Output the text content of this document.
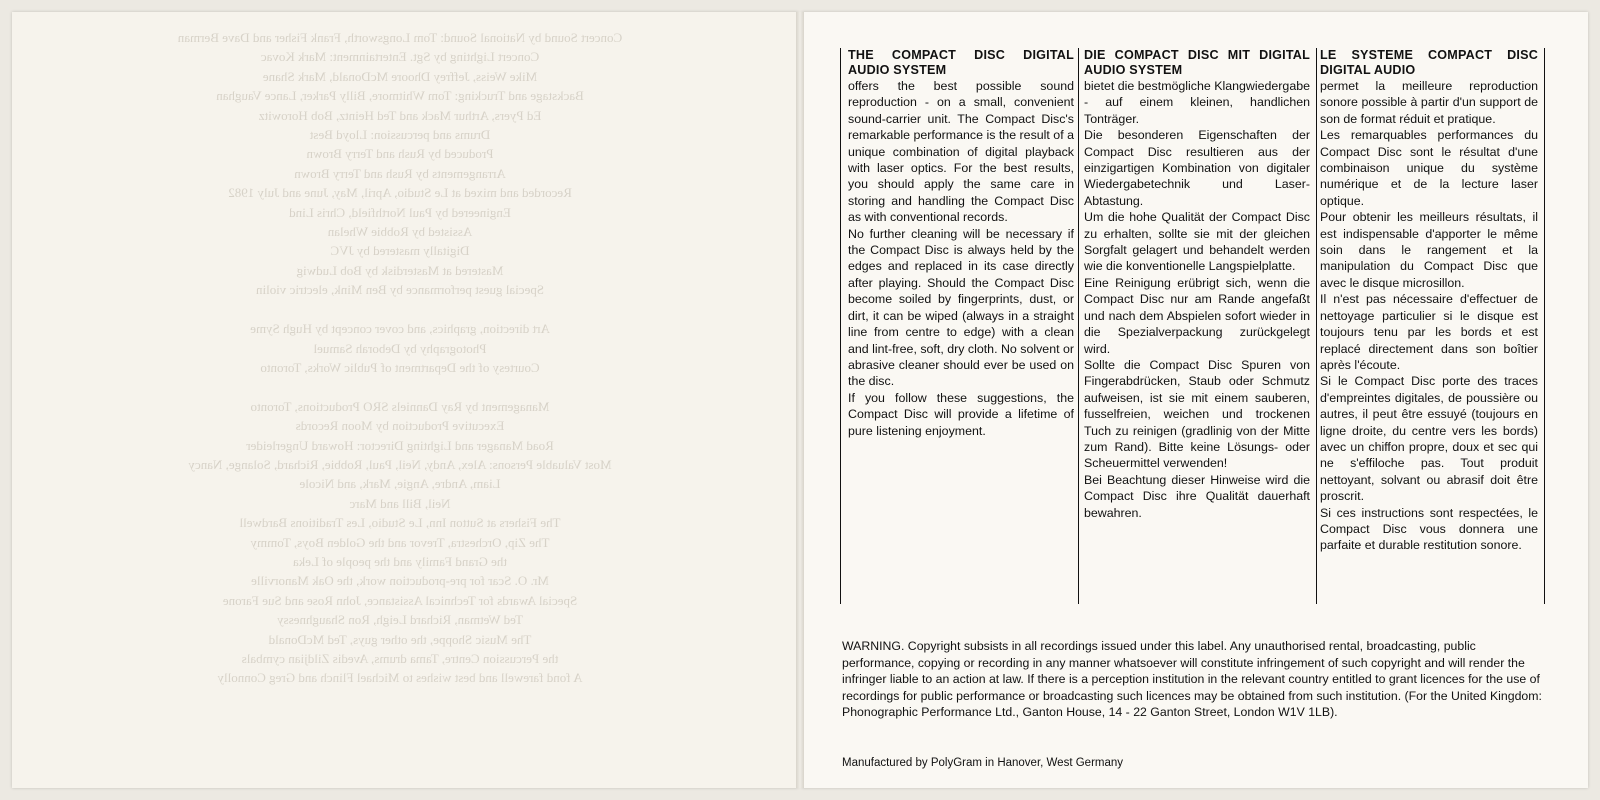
Concert Sound by National Sound: Tom Longsworth, Frank Fisher and Dave Berman
Concert Lighting by Sgt. Entertainment: Mark Kovac
Mike Weiss, Jeffrey Dhoore McDonald, Mark Shane
Backstage and Trucking: Tom Whitmore, Billy Parker, Lance Vaughan
Ed Pyers, Arthur Mack and Ted Heintz, Bob Horowitz
Drums and percussion: Lloyd Best
Produced by Rush and Terry Brown
Arrangements by Rush and Terry Brown
Recorded and mixed at Le Studio, April, May, June and July 1982
Engineered by Paul Northfield, Chris Lind
Assisted by Robbie Whelan
Digitally mastered by JVC
Mastered at Masterdisk by Bob Ludwig
Special guest performance by Ben Mink, electric violin

Art direction, graphics, and cover concept by Hugh Syme
Photography by Deborah Samuel
Courtesy of the Department of Public Works, Toronto

Management by Ray Danniels SRO Productions, Toronto
Executive Production by Moon Records
Road Manager and Lighting Director: Howard Ungerleider
Most Valuable Persons: Alex, Andy, Neil, Paul, Robbie, Richard, Solange, Nancy
Liam, Andre, Angie, Mark, and Nicole
Neil, Bill and Marc
The Fishers at Sutton Inn, Le Studio, Les Traditions Bardwell
The Zip, Orchestra, Trevor and the Golden Boys, Tommy
the Grand Family and the people of Leka
Mr. O. Scar for pre-production work, the Oak Manorville
Special Awards for Technical Assistance, John Rose and Sue Farone
Ted Wetman, Richard Leigh, Ron Shaughnessy
The Music Shoppe, the other guys, Ted McDonald
the Percussion Centre, Tama drums, Avedis Zildjian cymbals
A fond farewell and best wishes to Michael Flinch and Greg Connolly
THE COMPACT DISC DIGITAL AUDIO SYSTEM

offers the best possible sound reproduction - on a small, convenient sound-carrier unit. The Compact Disc's remarkable performance is the result of a unique combination of digital playback with laser optics. For the best results, you should apply the same care in storing and handling the Compact Disc as with conventional records.

No further cleaning will be necessary if the Compact Disc is always held by the edges and replaced in its case directly after playing. Should the Compact Disc become soiled by fingerprints, dust, or dirt, it can be wiped (always in a straight line from centre to edge) with a clean and lint-free, soft, dry cloth. No solvent or abrasive cleaner should ever be used on the disc.

If you follow these suggestions, the Compact Disc will provide a lifetime of pure listening enjoyment.

DIE COMPACT DISC MIT DIGITAL AUDIO SYSTEM

bietet die bestmögliche Klangwiedergabe - auf einem kleinen, handlichen Tonträger.

Die besonderen Eigenschaften der Compact Disc resultieren aus der einzigartigen Kombination von digitaler Wiedergabetechnik und Laser-Abtastung.

Um die hohe Qualität der Compact Disc zu erhalten, sollte sie mit der gleichen Sorgfalt gelagert und behandelt werden wie die konventionelle Langspielplatte.

Eine Reinigung erübrigt sich, wenn die Compact Disc nur am Rande angefaßt und nach dem Abspielen sofort wieder in die Spezialverpackung zurückgelegt wird.

Sollte die Compact Disc Spuren von Fingerabdrücken, Staub oder Schmutz aufweisen, ist sie mit einem sauberen, fusselfreien, weichen und trockenen Tuch zu reinigen (gradlinig von der Mitte zum Rand). Bitte keine Lösungs- oder Scheuermittel verwenden!

Bei Beachtung dieser Hinweise wird die Compact Disc ihre Qualität dauerhaft bewahren.

LE SYSTEME COMPACT DISC DIGITAL AUDIO

permet la meilleure reproduction sonore possible à partir d'un support de son de format réduit et pratique.

Les remarquables performances du Compact Disc sont le résultat d'une combinaison unique du système numérique et de la lecture laser optique.

Pour obtenir les meilleurs résultats, il est indispensable d'apporter le même soin dans le rangement et la manipulation du Compact Disc que avec le disque microsillon.

Il n'est pas nécessaire d'effectuer de nettoyage particulier si le disque est toujours tenu par les bords et est replacé directement dans son boîtier après l'écoute.

Si le Compact Disc porte des traces d'empreintes digitales, de poussière ou autres, il peut être essuyé (toujours en ligne droite, du centre vers les bords) avec un chiffon propre, doux et sec qui ne s'effiloche pas. Tout produit nettoyant, solvant ou abrasif doit être proscrit.

Si ces instructions sont respectées, le Compact Disc vous donnera une parfaite et durable restitution sonore.

WARNING. Copyright subsists in all recordings issued under this label. Any unauthorised rental, broadcasting, public performance, copying or recording in any manner whatsoever will constitute infringement of such copyright and will render the infringer liable to an action at law. If there is a perception institution in the relevant country entitled to grant licences for the use of recordings for public performance or broadcasting such licences may be obtained from such institution. (For the United Kingdom: Phonographic Performance Ltd., Ganton House, 14 - 22 Ganton Street, London W1V 1LB).
Manufactured by PolyGram in Hanover, West Germany
